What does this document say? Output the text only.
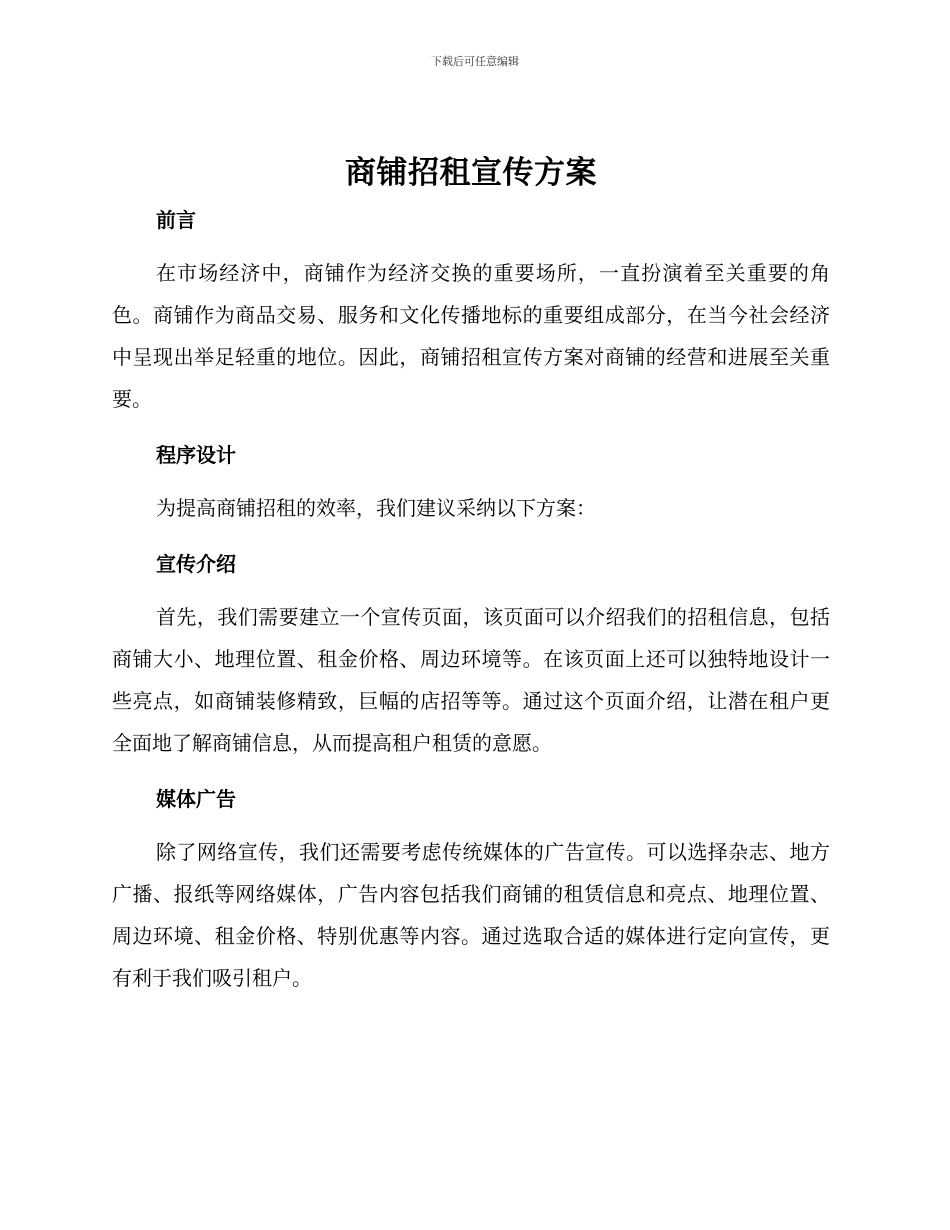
下载后可任意编辑
商铺招租宣传方案
前言

在市场经济中，商铺作为经济交换的重要场所，一直扮演着至关重要的角色。商铺作为商品交易、服务和文化传播地标的重要组成部分，在当今社会经济中呈现出举足轻重的地位。因此，商铺招租宣传方案对商铺的经营和进展至关重要。

程序设计

为提高商铺招租的效率，我们建议采纳以下方案：

宣传介绍

首先，我们需要建立一个宣传页面，该页面可以介绍我们的招租信息，包括商铺大小、地理位置、租金价格、周边环境等。在该页面上还可以独特地设计一些亮点，如商铺装修精致，巨幅的店招等等。通过这个页面介绍，让潜在租户更全面地了解商铺信息，从而提高租户租赁的意愿。

媒体广告

除了网络宣传，我们还需要考虑传统媒体的广告宣传。可以选择杂志、地方广播、报纸等网络媒体，广告内容包括我们商铺的租赁信息和亮点、地理位置、周边环境、租金价格、特别优惠等内容。通过选取合适的媒体进行定向宣传，更有利于我们吸引租户。
